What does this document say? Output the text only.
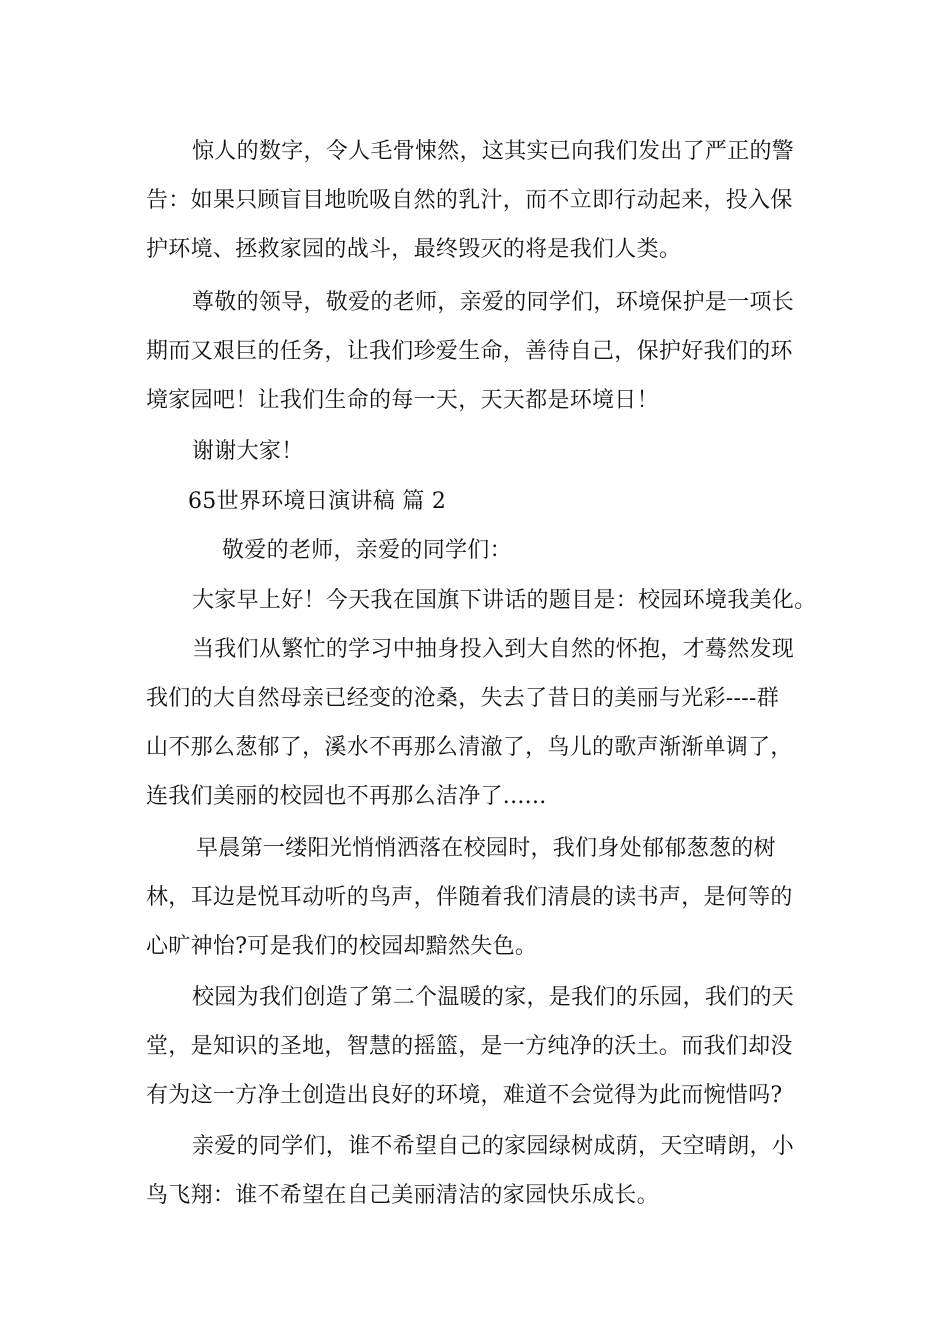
惊人的数字，令人毛骨悚然，这其实已向我们发出了严正的警
告：如果只顾盲目地吮吸自然的乳汁，而不立即行动起来，投入保
护环境、拯救家园的战斗，最终毁灭的将是我们人类。
尊敬的领导，敬爱的老师，亲爱的同学们，环境保护是一项长
期而又艰巨的任务，让我们珍爱生命，善待自己，保护好我们的环
境家园吧！让我们生命的每一天，天天都是环境日！
谢谢大家！
65世界环境日演讲稿 篇 2
敬爱的老师，亲爱的同学们：
大家早上好！今天我在国旗下讲话的题目是：校园环境我美化。
当我们从繁忙的学习中抽身投入到大自然的怀抱，才蓦然发现
我们的大自然母亲已经变的沧桑，失去了昔日的美丽与光彩----群
山不那么葱郁了，溪水不再那么清澈了，鸟儿的歌声渐渐单调了，
连我们美丽的校园也不再那么洁净了......
早晨第一缕阳光悄悄洒落在校园时，我们身处郁郁葱葱的树
林，耳边是悦耳动听的鸟声，伴随着我们清晨的读书声，是何等的
心旷神怡?可是我们的校园却黯然失色。
校园为我们创造了第二个温暖的家，是我们的乐园，我们的天
堂，是知识的圣地，智慧的摇篮，是一方纯净的沃土。而我们却没
有为这一方净土创造出良好的环境，难道不会觉得为此而惋惜吗?
亲爱的同学们，谁不希望自己的家园绿树成荫，天空晴朗，小
鸟飞翔：谁不希望在自己美丽清洁的家园快乐成长。
